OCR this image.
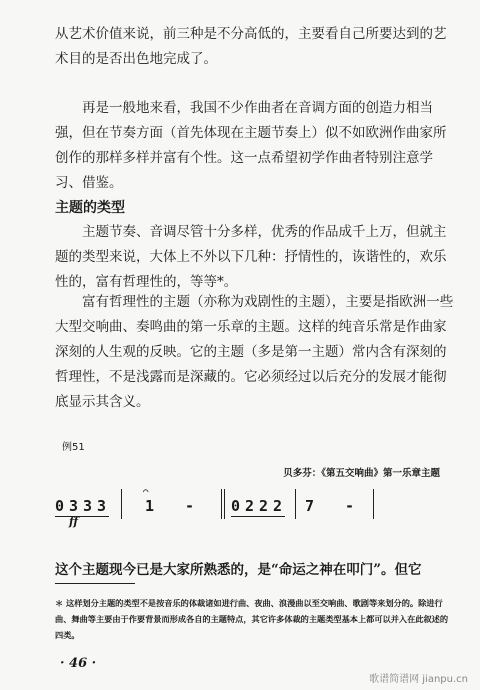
从艺术价值来说，前三种是不分高低的，主要看自己所要达到的艺术目的是否出色地完成了。

再是一般地来看，我国不少作曲者在音调方面的创造力相当强，但在节奏方面（首先体现在主题节奏上）似不如欧洲作曲家所创作的那样多样并富有个性。这一点希望初学作曲者特别注意学习、借鉴。

主题的类型

主题节奏、音调尽管十分多样，优秀的作品成千上万，但就主题的类型来说，大体上不外以下几种：抒情性的，诙谐性的，欢乐性的，富有哲理性的，等等*。

富有哲理性的主题（亦称为戏剧性的主题），主要是指欧洲一些大型交响曲、奏鸣曲的第一乐章的主题。这样的纯音乐常是作曲家深刻的人生观的反映。它的主题（多是第一主题）常内含有深刻的哲理性，不是浅露而是深藏的。它必须经过以后充分的发展才能彻底显示其含义。

例51
贝多芬：《第五交响曲》第一乐章主题
0 3 3 3
⌒
1 - 0 2 2 2 7 -
ff
这个主题现今已是大家所熟悉的，是“命运之神在叩门”。但它

＊ 这样划分主题的类型不是按音乐的体裁诸如进行曲、夜曲、浪漫曲以至交响曲、歌剧等来划分的。除进行曲、舞曲等主要由于作要背景而形成各自的主题特点，其它许多体裁的主题类型基本上都可以并入在此叙述的四类。

· 46 ·
歌谱简谱网 jianpu.cn
